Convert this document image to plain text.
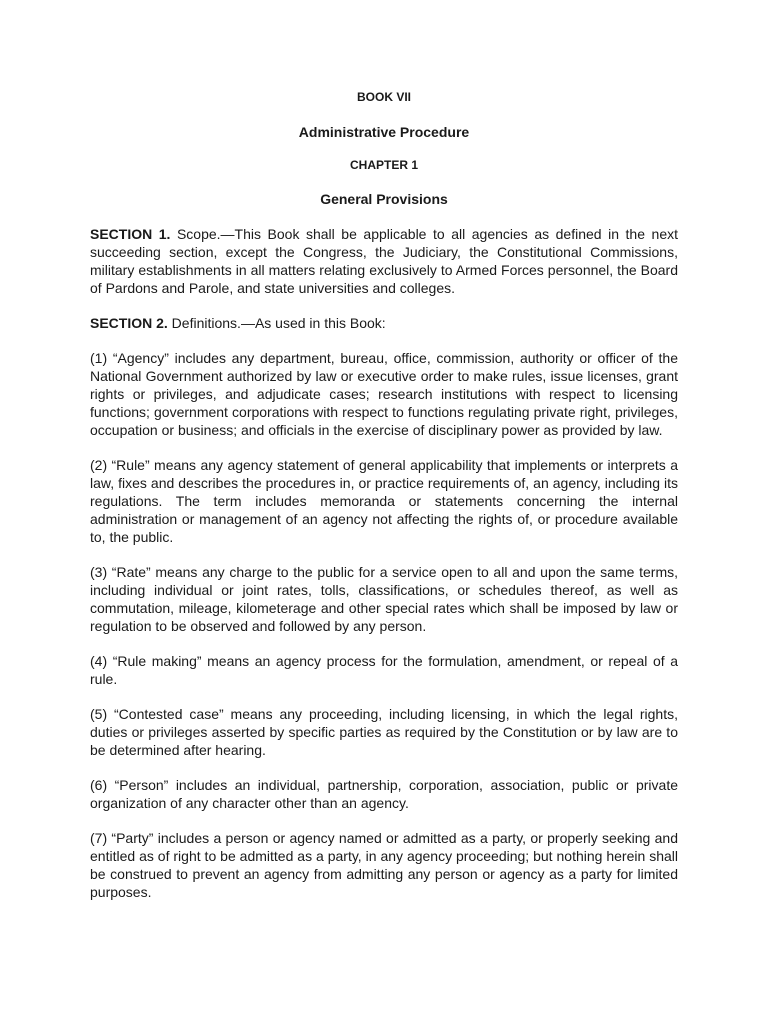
BOOK VII

Administrative Procedure

CHAPTER 1

General Provisions

SECTION 1. Scope.—This Book shall be applicable to all agencies as defined in the next succeeding section, except the Congress, the Judiciary, the Constitutional Commissions, military establishments in all matters relating exclusively to Armed Forces personnel, the Board of Pardons and Parole, and state universities and colleges.

SECTION 2. Definitions.—As used in this Book:

(1) “Agency” includes any department, bureau, office, commission, authority or officer of the National Government authorized by law or executive order to make rules, issue licenses, grant rights or privileges, and adjudicate cases; research institutions with respect to licensing functions; government corporations with respect to functions regulating private right, privileges, occupation or business; and officials in the exercise of disciplinary power as provided by law.

(2) “Rule” means any agency statement of general applicability that implements or interprets a law, fixes and describes the procedures in, or practice requirements of, an agency, including its regulations. The term includes memoranda or statements concerning the internal administration or management of an agency not affecting the rights of, or procedure available to, the public.

(3) “Rate” means any charge to the public for a service open to all and upon the same terms, including individual or joint rates, tolls, classifications, or schedules thereof, as well as commutation, mileage, kilometerage and other special rates which shall be imposed by law or regulation to be observed and followed by any person.

(4) “Rule making” means an agency process for the formulation, amendment, or repeal of a rule.

(5) “Contested case” means any proceeding, including licensing, in which the legal rights, duties or privileges asserted by specific parties as required by the Constitution or by law are to be determined after hearing.

(6) “Person” includes an individual, partnership, corporation, association, public or private organization of any character other than an agency.

(7) “Party” includes a person or agency named or admitted as a party, or properly seeking and entitled as of right to be admitted as a party, in any agency proceeding; but nothing herein shall be construed to prevent an agency from admitting any person or agency as a party for limited purposes.
